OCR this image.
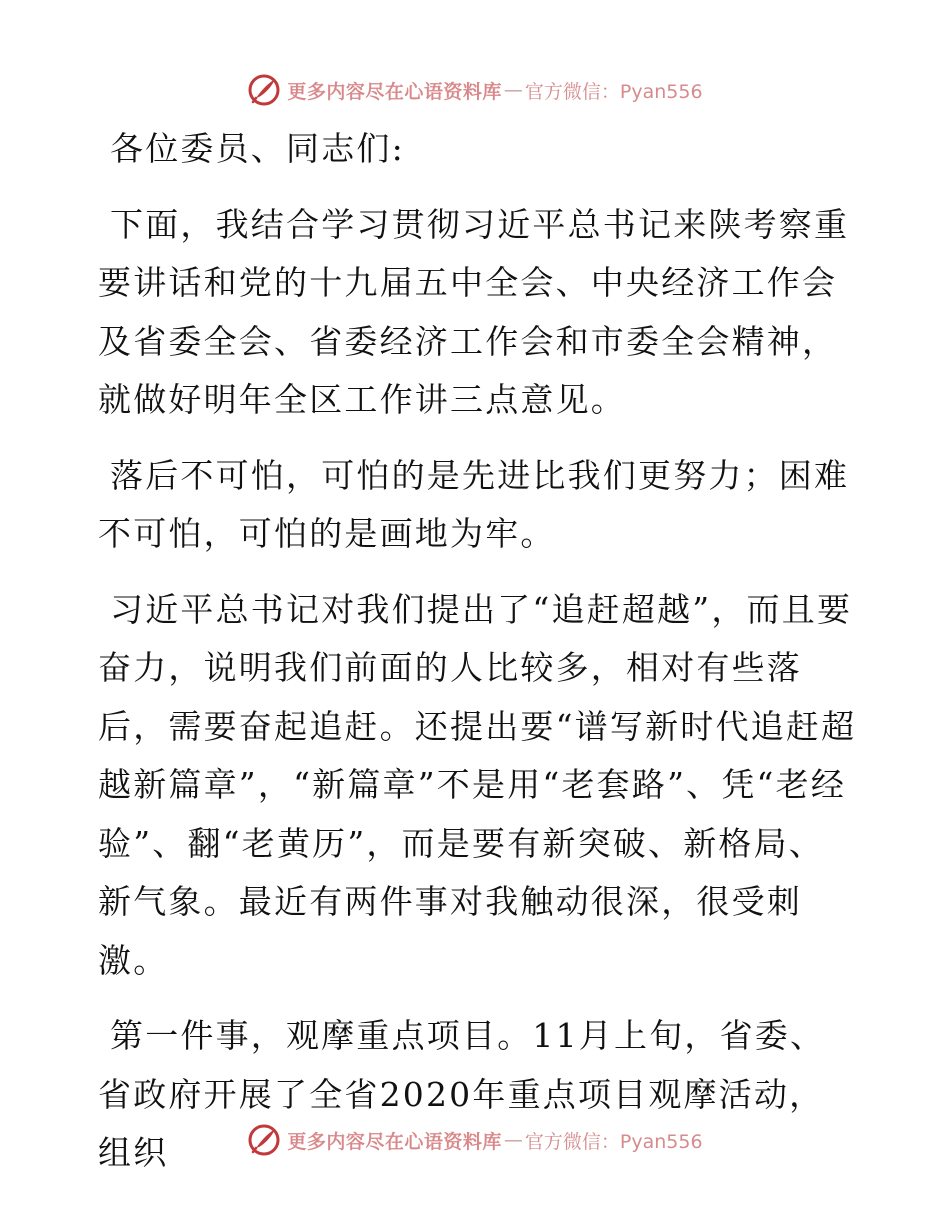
更多内容尽在心语资料库 — 官方微信：Pyan556

各位委员、同志们:

下面，我结合学习贯彻习近平总书记来陕考察重要讲话和党的十九届五中全会、中央经济工作会及省委全会、省委经济工作会和市委全会精神，就做好明年全区工作讲三点意见。

落后不可怕，可怕的是先进比我们更努力；困难不可怕，可怕的是画地为牢。

习近平总书记对我们提出了“追赶超越”，而且要奋力，说明我们前面的人比较多，相对有些落后，需要奋起追赶。还提出要“谱写新时代追赶超越新篇章”，“新篇章”不是用“老套路”、凭“老经验”、翻“老黄历”，而是要有新突破、新格局、新气象。最近有两件事对我触动很深，很受刺激。

第一件事，观摩重点项目。11月上旬，省委、省政府开展了全省2020年重点项目观摩活动，组织	更多内容尽在心语资料库 — 官方微信：Pyan556
